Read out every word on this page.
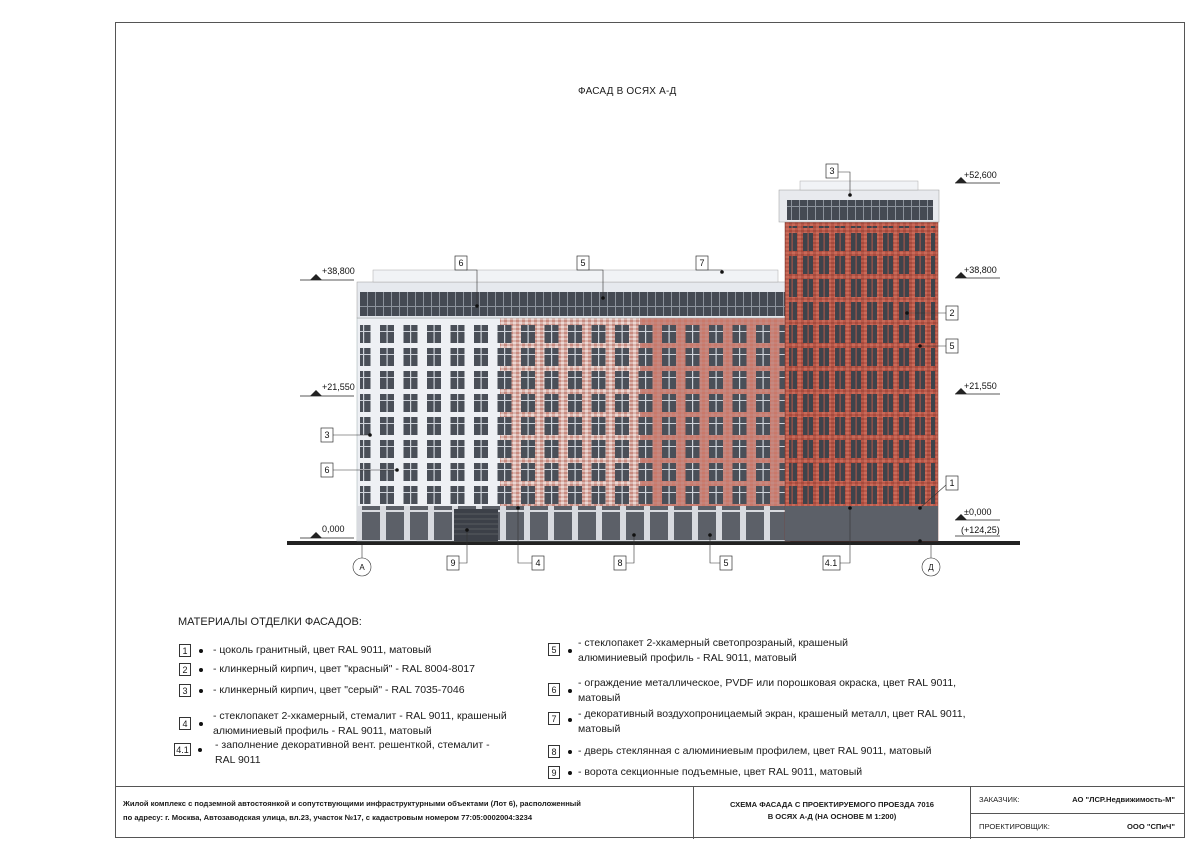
ФАСАД В ОСЯХ А-Д
0,000
+21,550
+38,800
+52,600
+38,800
+21,550
±0,000
(+124,25)
А	Д
6	5	7
3
2
5
1
3
6
9	4	8	5	4.1
МАТЕРИАЛЫ ОТДЕЛКИ ФАСАДОВ:
1	- цоколь гранитный, цвет RAL 9011, матовый
2	- клинкерный кирпич, цвет "красный" - RAL 8004-8017
3	- клинкерный кирпич, цвет "серый" - RAL 7035-7046
4
- стеклопакет 2-хкамерный, стемалит - RAL 9011, крашеный
алюминиевый профиль - RAL 9011, матовый
4.1	- заполнение декоративной вент. решенткой, стемалит -
RAL 9011
5
- стеклопакет 2-хкамерный светопрозраный, крашеный
алюминиевый профиль - RAL 9011, матовый
6
- ограждение металлическое, PVDF или порошковая окраска, цвет RAL 9011,
матовый
7	- декоративный воздухопроницаемый экран, крашеный металл, цвет RAL 9011,
матовый
8	- дверь стеклянная с алюминиевым профилем, цвет RAL 9011, матовый
9	- ворота секционные подъемные, цвет RAL 9011, матовый
Жилой комплекс с подземной автостоянкой и сопутствующими инфраструктурными объектами (Лот 6), расположенный
по адресу: г. Москва, Автозаводская улица, вл.23, участок №17, с кадастровым номером 77:05:0002004:3234
СХЕМА ФАСАДА С ПРОЕКТИРУЕМОГО ПРОЕЗДА 7016
В ОСЯХ А-Д (НА ОСНОВЕ М 1:200)
ЗАКАЗЧИК:	АО "ЛСР.Недвижимость-М"
ПРОЕКТИРОВЩИК:	ООО "СПиЧ"
